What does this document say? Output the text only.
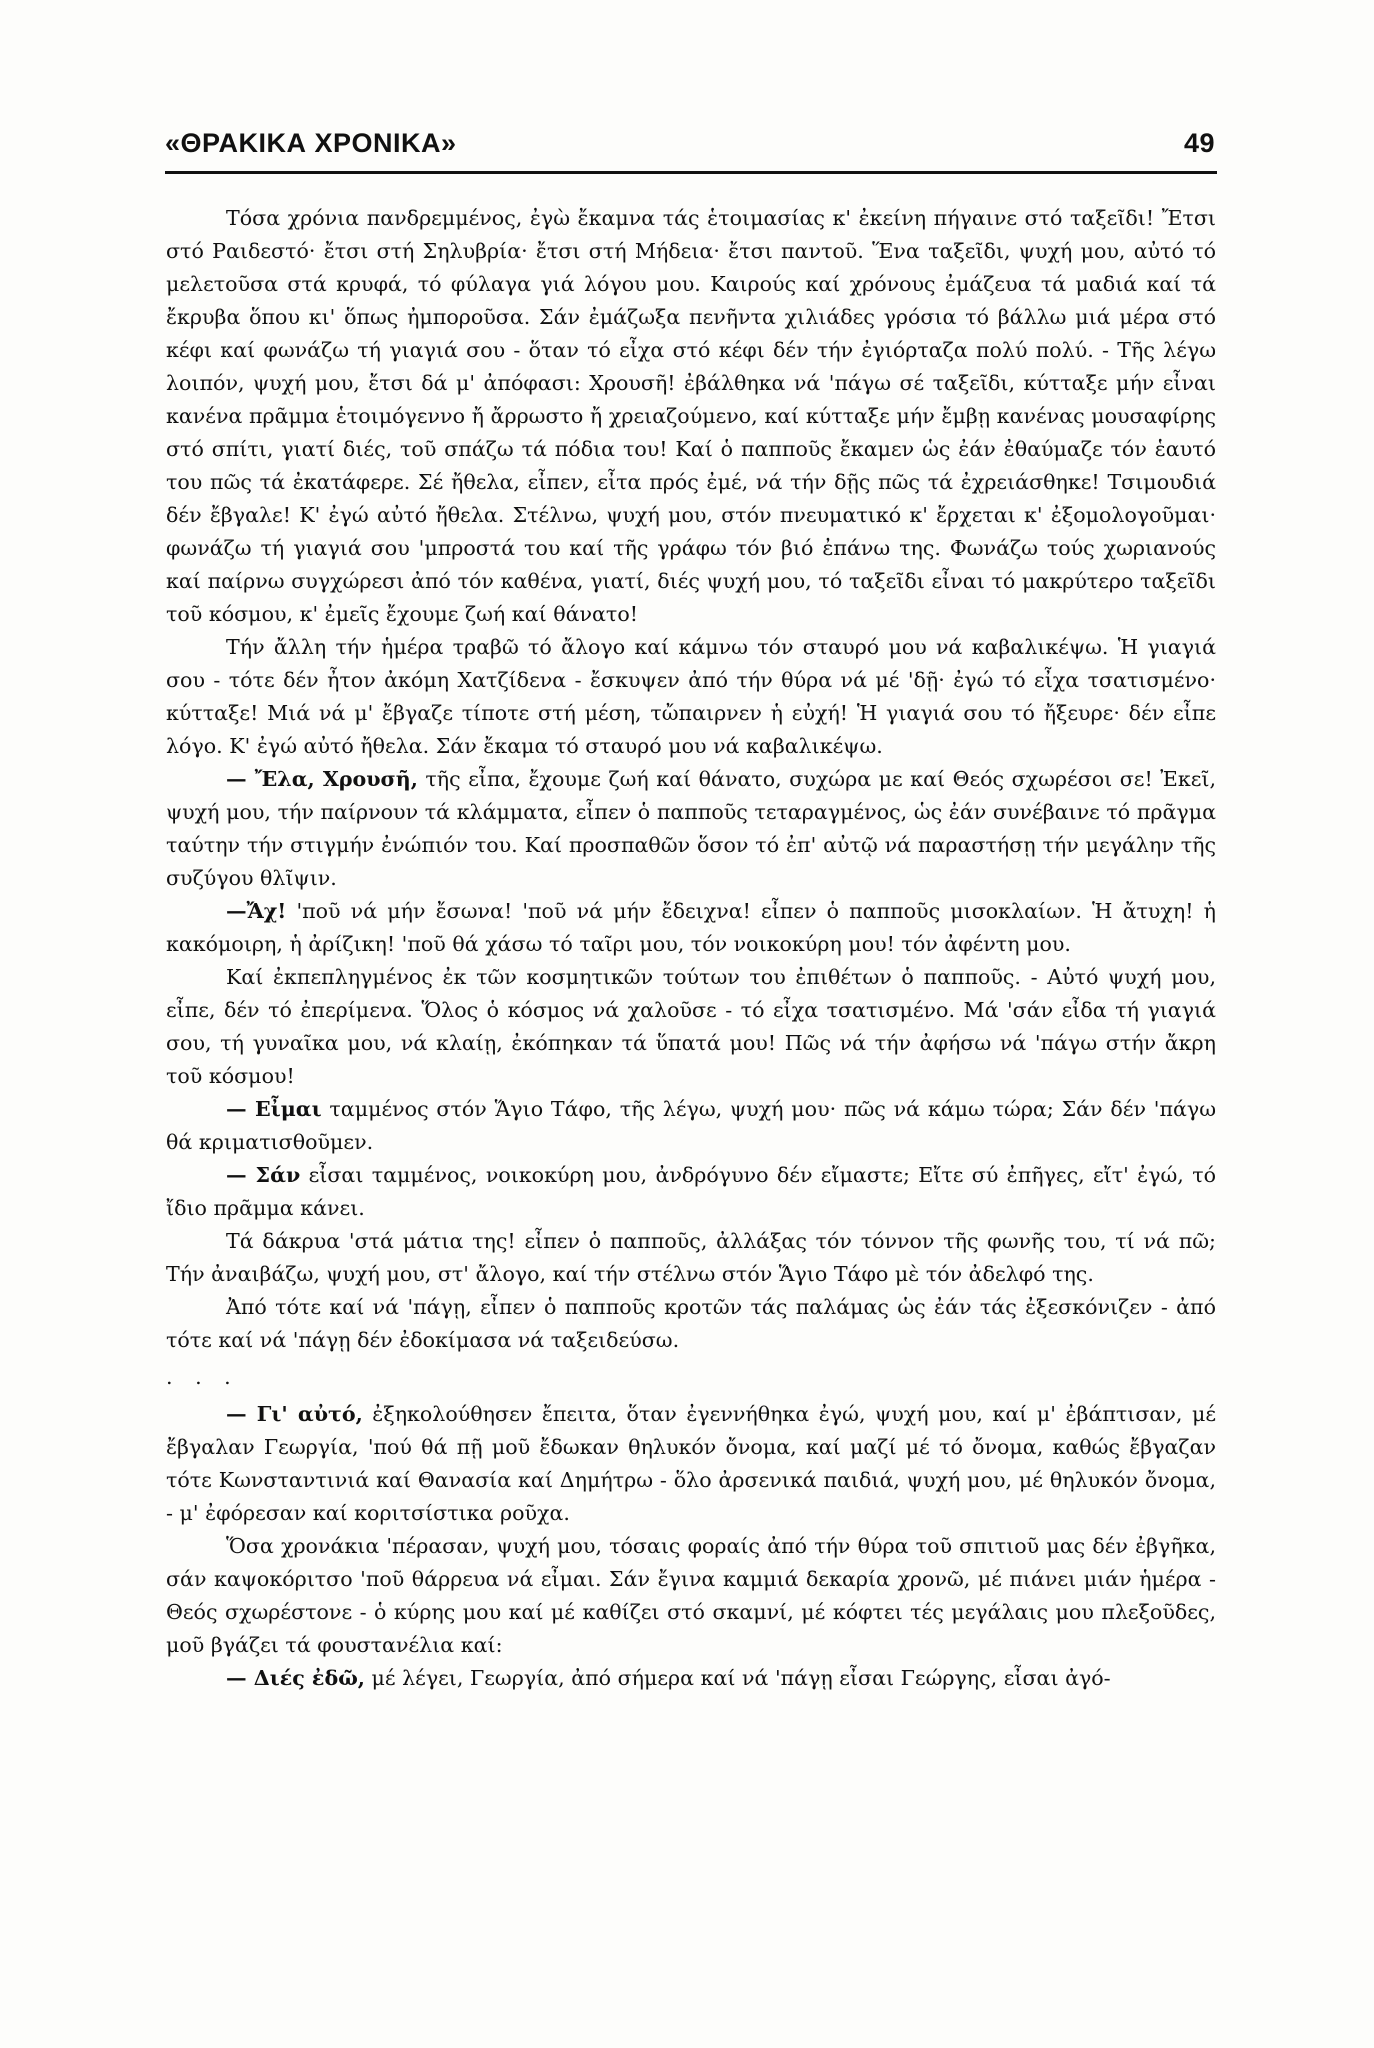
«ΘΡΑΚΙΚΑ ΧΡΟΝΙΚΑ»	49

Τόσα χρόνια πανδρεμμένος, ἐγὼ ἔκαμνα τάς ἑτοιμασίας κ' ἐκείνη πήγαινε στό ταξεῖδι! Ἔτσι στό Ραιδεστό· ἔτσι στή Σηλυβρία· ἔτσι στή Μήδεια· ἔτσι παντοῦ. Ἕνα ταξεῖδι, ψυχή μου, αὐτό τό μελετοῦσα στά κρυφά, τό φύλαγα γιά λόγου μου. Καιρούς καί χρόνους ἐμάζευα τά μαδιά καί τά ἔκρυβα ὅπου κι' ὅπως ἠμποροῦσα. Σάν ἐμάζωξα πενῆντα χιλιάδες γρόσια τό βάλλω μιά μέρα στό κέφι καί φωνάζω τή γιαγιά σου - ὅταν τό εἶχα στό κέφι δέν τήν ἐγιόρταζα πολύ πολύ. - Τῆς λέγω λοιπόν, ψυχή μου, ἔτσι δά μ' ἀπόφασι: Χρουσῆ! ἐβάλθηκα νά 'πάγω σέ ταξεῖδι, κύτταξε μήν εἶναι κανένα πρᾶμμα ἑτοιμόγεννο ἤ ἄρρωστο ἤ χρειαζούμενο, καί κύτταξε μήν ἔμβῃ κανένας μουσαφίρης στό σπίτι, γιατί διές, τοῦ σπάζω τά πόδια του! Καί ὁ παπποῦς ἔκαμεν ὡς ἐάν ἐθαύμαζε τόν ἑαυτό του πῶς τά ἐκατάφερε. Σέ ἤθελα, εἶπεν, εἶτα πρός ἐμέ, νά τήν δῇς πῶς τά ἐχρειάσθηκε! Τσιμουδιά δέν ἔβγαλε! Κ' ἐγώ αὐτό ἤθελα. Στέλνω, ψυχή μου, στόν πνευματικό κ' ἔρχεται κ' ἐξομολογοῦμαι· φωνάζω τή γιαγιά σου 'μπροστά του καί τῆς γράφω τόν βιό ἐπάνω της. Φωνάζω τούς χωριανούς καί παίρνω συγχώρεσι ἀπό τόν καθένα, γιατί, διές ψυχή μου, τό ταξεῖδι εἶναι τό μακρύτερο ταξεῖδι τοῦ κόσμου, κ' ἐμεῖς ἔχουμε ζωή καί θάνατο!

Τήν ἄλλη τήν ἡμέρα τραβῶ τό ἄλογο καί κάμνω τόν σταυρό μου νά καβαλικέψω. Ἡ γιαγιά σου - τότε δέν ἦτον ἀκόμη Χατζίδενα - ἔσκυψεν ἀπό τήν θύρα νά μέ 'δῇ· ἐγώ τό εἶχα τσατισμένο· κύτταξε! Μιά νά μ' ἔβγαζε τίποτε στή μέση, τὤπαιρνεν ἡ εὐχή! Ἡ γιαγιά σου τό ἤξευρε· δέν εἶπε λόγο. Κ' ἐγώ αὐτό ἤθελα. Σάν ἔκαμα τό σταυρό μου νά καβαλικέψω.

— Ἔλα, Χρουσῆ, τῆς εἶπα, ἔχουμε ζωή καί θάνατο, συχώρα με καί Θεός σχωρέσοι σε! Ἐκεῖ, ψυχή μου, τήν παίρνουν τά κλάμματα, εἶπεν ὁ παπποῦς τεταραγμένος, ὡς ἐάν συνέβαινε τό πρᾶγμα ταύτην τήν στιγμήν ἐνώπιόν του. Καί προσπαθῶν ὅσον τό ἐπ' αὐτῷ νά παραστήσῃ τήν μεγάλην τῆς συζύγου θλῖψιν.

—Ἄχ! 'ποῦ νά μήν ἔσωνα! 'ποῦ νά μήν ἔδειχνα! εἶπεν ὁ παπποῦς μισοκλαίων. Ἡ ἄτυχη! ἡ κακόμοιρη, ἡ ἀρίζικη! 'ποῦ θά χάσω τό ταῖρι μου, τόν νοικοκύρη μου! τόν ἀφέντη μου.

Καί ἐκπεπληγμένος ἐκ τῶν κοσμητικῶν τούτων του ἐπιθέτων ὁ παπποῦς. - Αὐτό ψυχή μου, εἶπε, δέν τό ἐπερίμενα. Ὅλος ὁ κόσμος νά χαλοῦσε - τό εἶχα τσατισμένο. Μά 'σάν εἶδα τή γιαγιά σου, τή γυναῖκα μου, νά κλαίῃ, ἐκόπηκαν τά ὕπατά μου! Πῶς νά τήν ἀφήσω νά 'πάγω στήν ἄκρη τοῦ κόσμου!

— Εἶμαι ταμμένος στόν Ἅγιο Τάφο, τῆς λέγω, ψυχή μου· πῶς νά κάμω τώρα; Σάν δέν 'πάγω θά κριματισθοῦμεν.

— Σάν εἶσαι ταμμένος, νοικοκύρη μου, ἀνδρόγυνο δέν εἴμαστε; Εἴτε σύ ἐπῆγες, εἴτ' ἐγώ, τό ἴδιο πρᾶμμα κάνει.

Τά δάκρυα 'στά μάτια της! εἶπεν ὁ παπποῦς, ἀλλάξας τόν τόννον τῆς φωνῆς του, τί νά πῶ; Τήν ἀναιβάζω, ψυχή μου, στ' ἄλογο, καί τήν στέλνω στόν Ἅγιο Τάφο μὲ τόν ἀδελφό της.

Ἀπό τότε καί νά 'πάγῃ, εἶπεν ὁ παπποῦς κροτῶν τάς παλάμας ὡς ἐάν τάς ἐξεσκόνιζεν - ἀπό τότε καί νά 'πάγῃ δέν ἐδοκίμασα νά ταξειδεύσω.

. . .

— Γι' αὐτό, ἐξηκολούθησεν ἔπειτα, ὅταν ἐγεννήθηκα ἐγώ, ψυχή μου, καί μ' ἐβάπτισαν, μέ ἔβγαλαν Γεωργία, 'πού θά πῇ μοῦ ἔδωκαν θηλυκόν ὄνομα, καί μαζί μέ τό ὄνομα, καθώς ἔβγαζαν τότε Κωνσταντινιά καί Θανασία καί Δημήτρω - ὅλο ἀρσενικά παιδιά, ψυχή μου, μέ θηλυκόν ὄνομα, - μ' ἐφόρεσαν καί κοριτσίστικα ροῦχα.

Ὅσα χρονάκια 'πέρασαν, ψυχή μου, τόσαις φοραίς ἀπό τήν θύρα τοῦ σπιτιοῦ μας δέν ἐβγῆκα, σάν καψοκόριτσο 'ποῦ θάρρευα νά εἶμαι. Σάν ἔγινα καμμιά δεκαρία χρονῶ, μέ πιάνει μιάν ἡμέρα - Θεός σχωρέστονε - ὁ κύρης μου καί μέ καθίζει στό σκαμνί, μέ κόφτει τές μεγάλαις μου πλεξοῦδες, μοῦ βγάζει τά φουστανέλια καί:

— Διές ἐδῶ, μέ λέγει, Γεωργία, ἀπό σήμερα καί νά 'πάγῃ εἶσαι Γεώργης, εἶσαι ἀγό-
